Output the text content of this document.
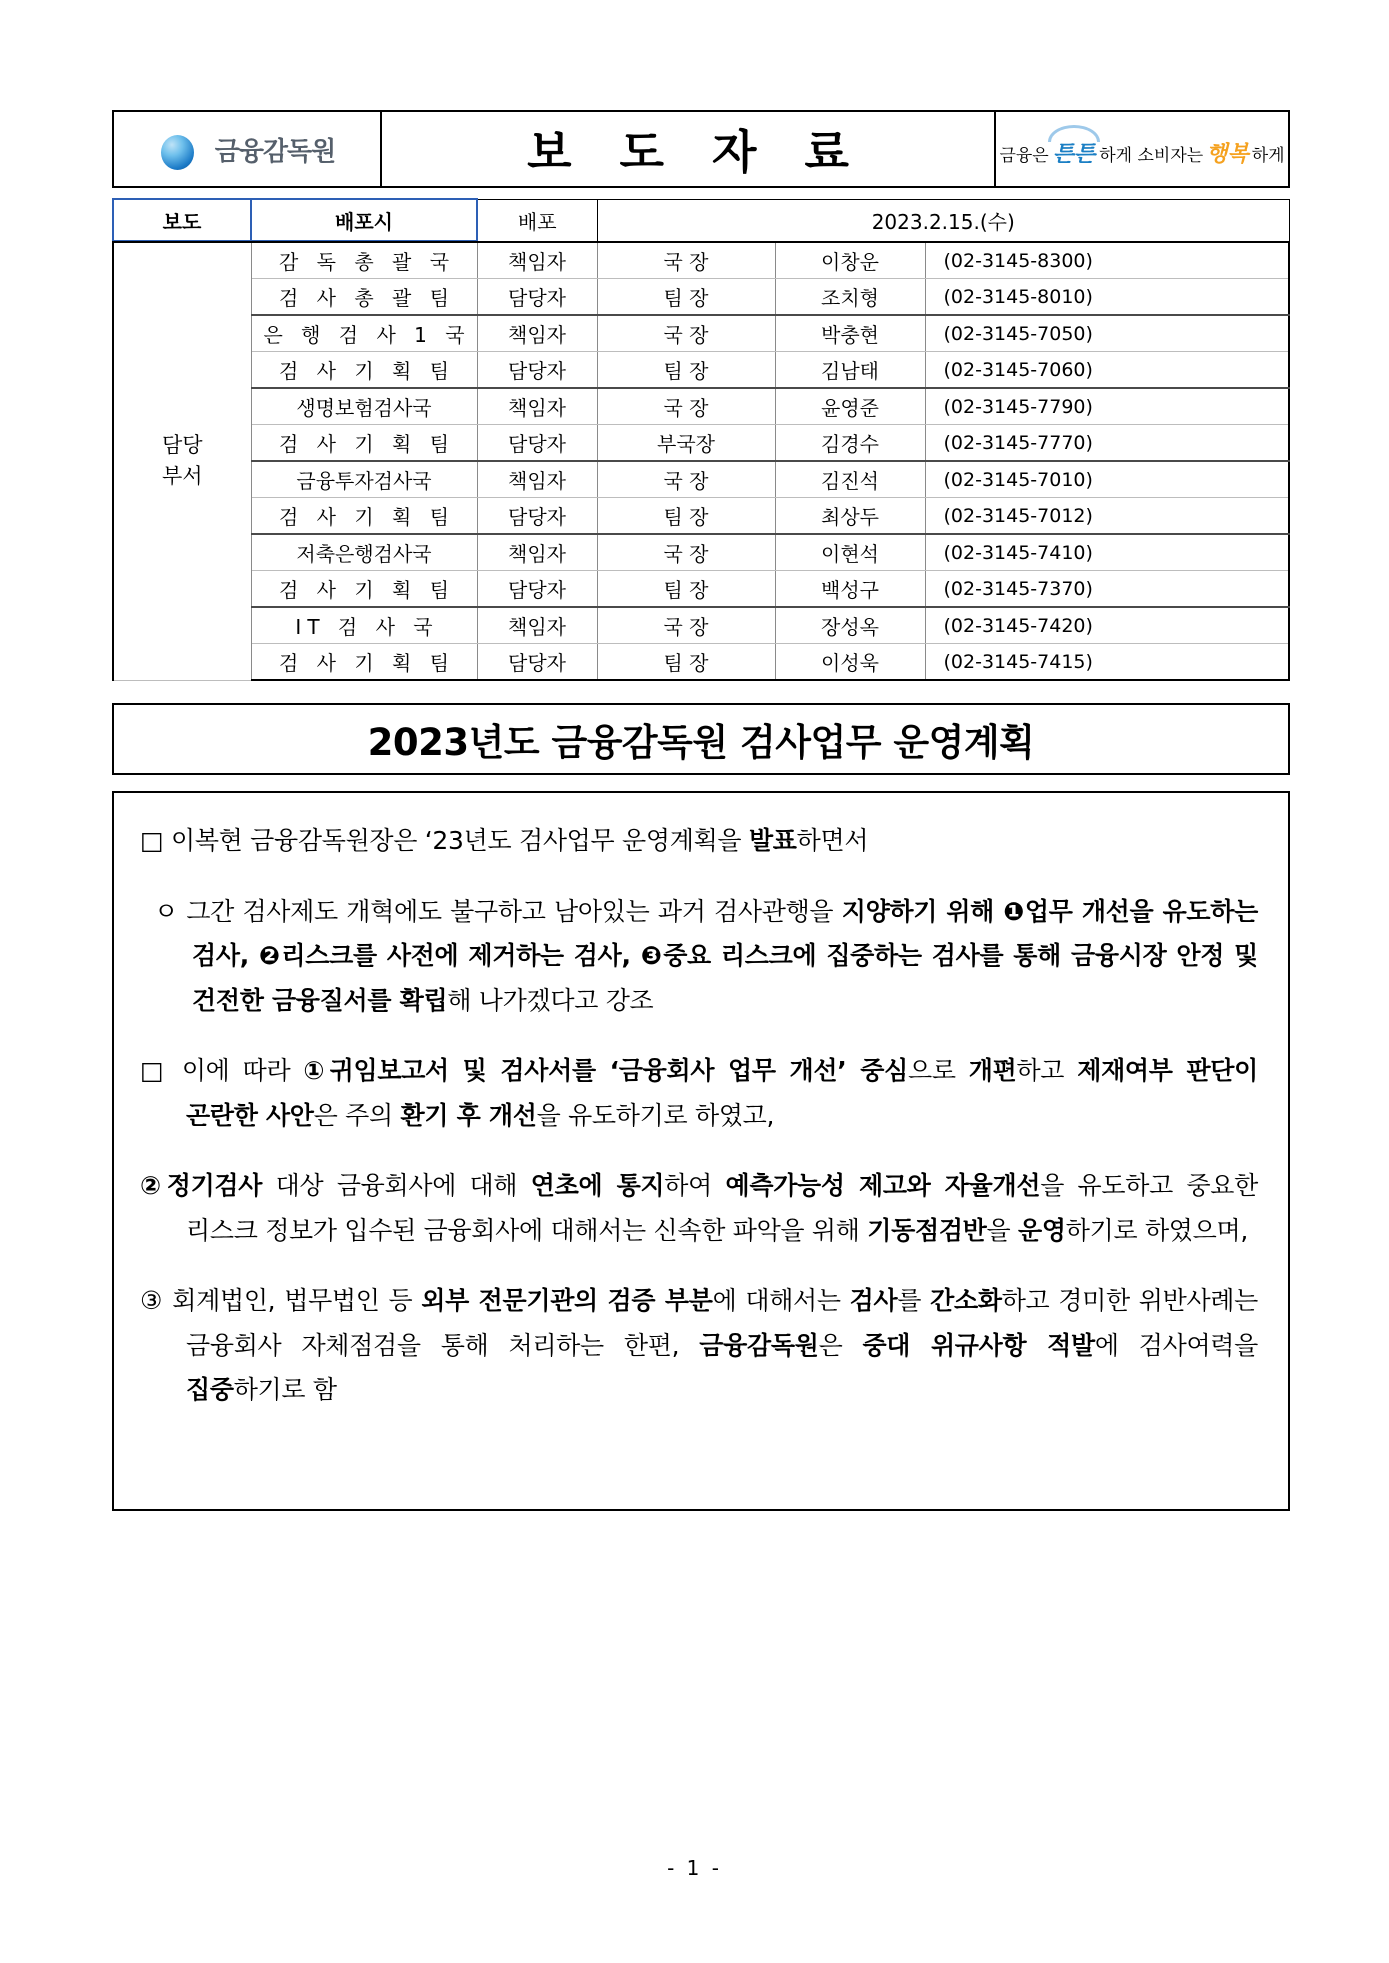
금융감독원	보 도 자 료	금융은 튼튼 하게 소비자는 행복 하게
보도	배포시	배포	2023.2.15.(수)
담당
부서	감 독 총 괄 국	책임자	국 장	이창운	(02-3145-8300)
	검 사 총 괄 팀	담당자	팀 장	조치형	(02-3145-8010)
	은 행 검 사 1 국	책임자	국 장	박충현	(02-3145-7050)
	검 사 기 획 팀	담당자	팀 장	김남태	(02-3145-7060)
	생명보험검사국	책임자	국 장	윤영준	(02-3145-7790)
	검 사 기 획 팀	담당자	부국장	김경수	(02-3145-7770)
	금융투자검사국	책임자	국 장	김진석	(02-3145-7010)
	검 사 기 획 팀	담당자	팀 장	최상두	(02-3145-7012)
	저축은행검사국	책임자	국 장	이현석	(02-3145-7410)
	검 사 기 획 팀	담당자	팀 장	백성구	(02-3145-7370)
	IT 검 사 국	책임자	국 장	장성옥	(02-3145-7420)
	검 사 기 획 팀	담당자	팀 장	이성욱	(02-3145-7415)
2023년도 금융감독원 검사업무 운영계획

□ 이복현 금융감독원장은 ‘23년도 검사업무 운영계획을 발표하면서

ㅇ 그간 검사제도 개혁에도 불구하고 남아있는 과거 검사관행을 지양하기 위해 ❶업무 개선을 유도하는 검사, ❷리스크를 사전에 제거하는 검사, ❸중요 리스크에 집중하는 검사를 통해 금융시장 안정 및 건전한 금융질서를 확립해 나가겠다고 강조

□ 이에 따라 ①귀임보고서 및 검사서를 ‘금융회사 업무 개선’ 중심으로 개편하고 제재여부 판단이 곤란한 사안은 주의 환기 후 개선을 유도하기로 하였고,

②정기검사 대상 금융회사에 대해 연초에 통지하여 예측가능성 제고와 자율개선을 유도하고 중요한 리스크 정보가 입수된 금융회사에 대해서는 신속한 파악을 위해 기동점검반을 운영하기로 하였으며,

③ 회계법인, 법무법인 등 외부 전문기관의 검증 부분에 대해서는 검사를 간소화하고 경미한 위반사례는 금융회사 자체점검을 통해 처리하는 한편, 금융감독원은 중대 위규사항 적발에 검사여력을 집중하기로 함

- 1 -
